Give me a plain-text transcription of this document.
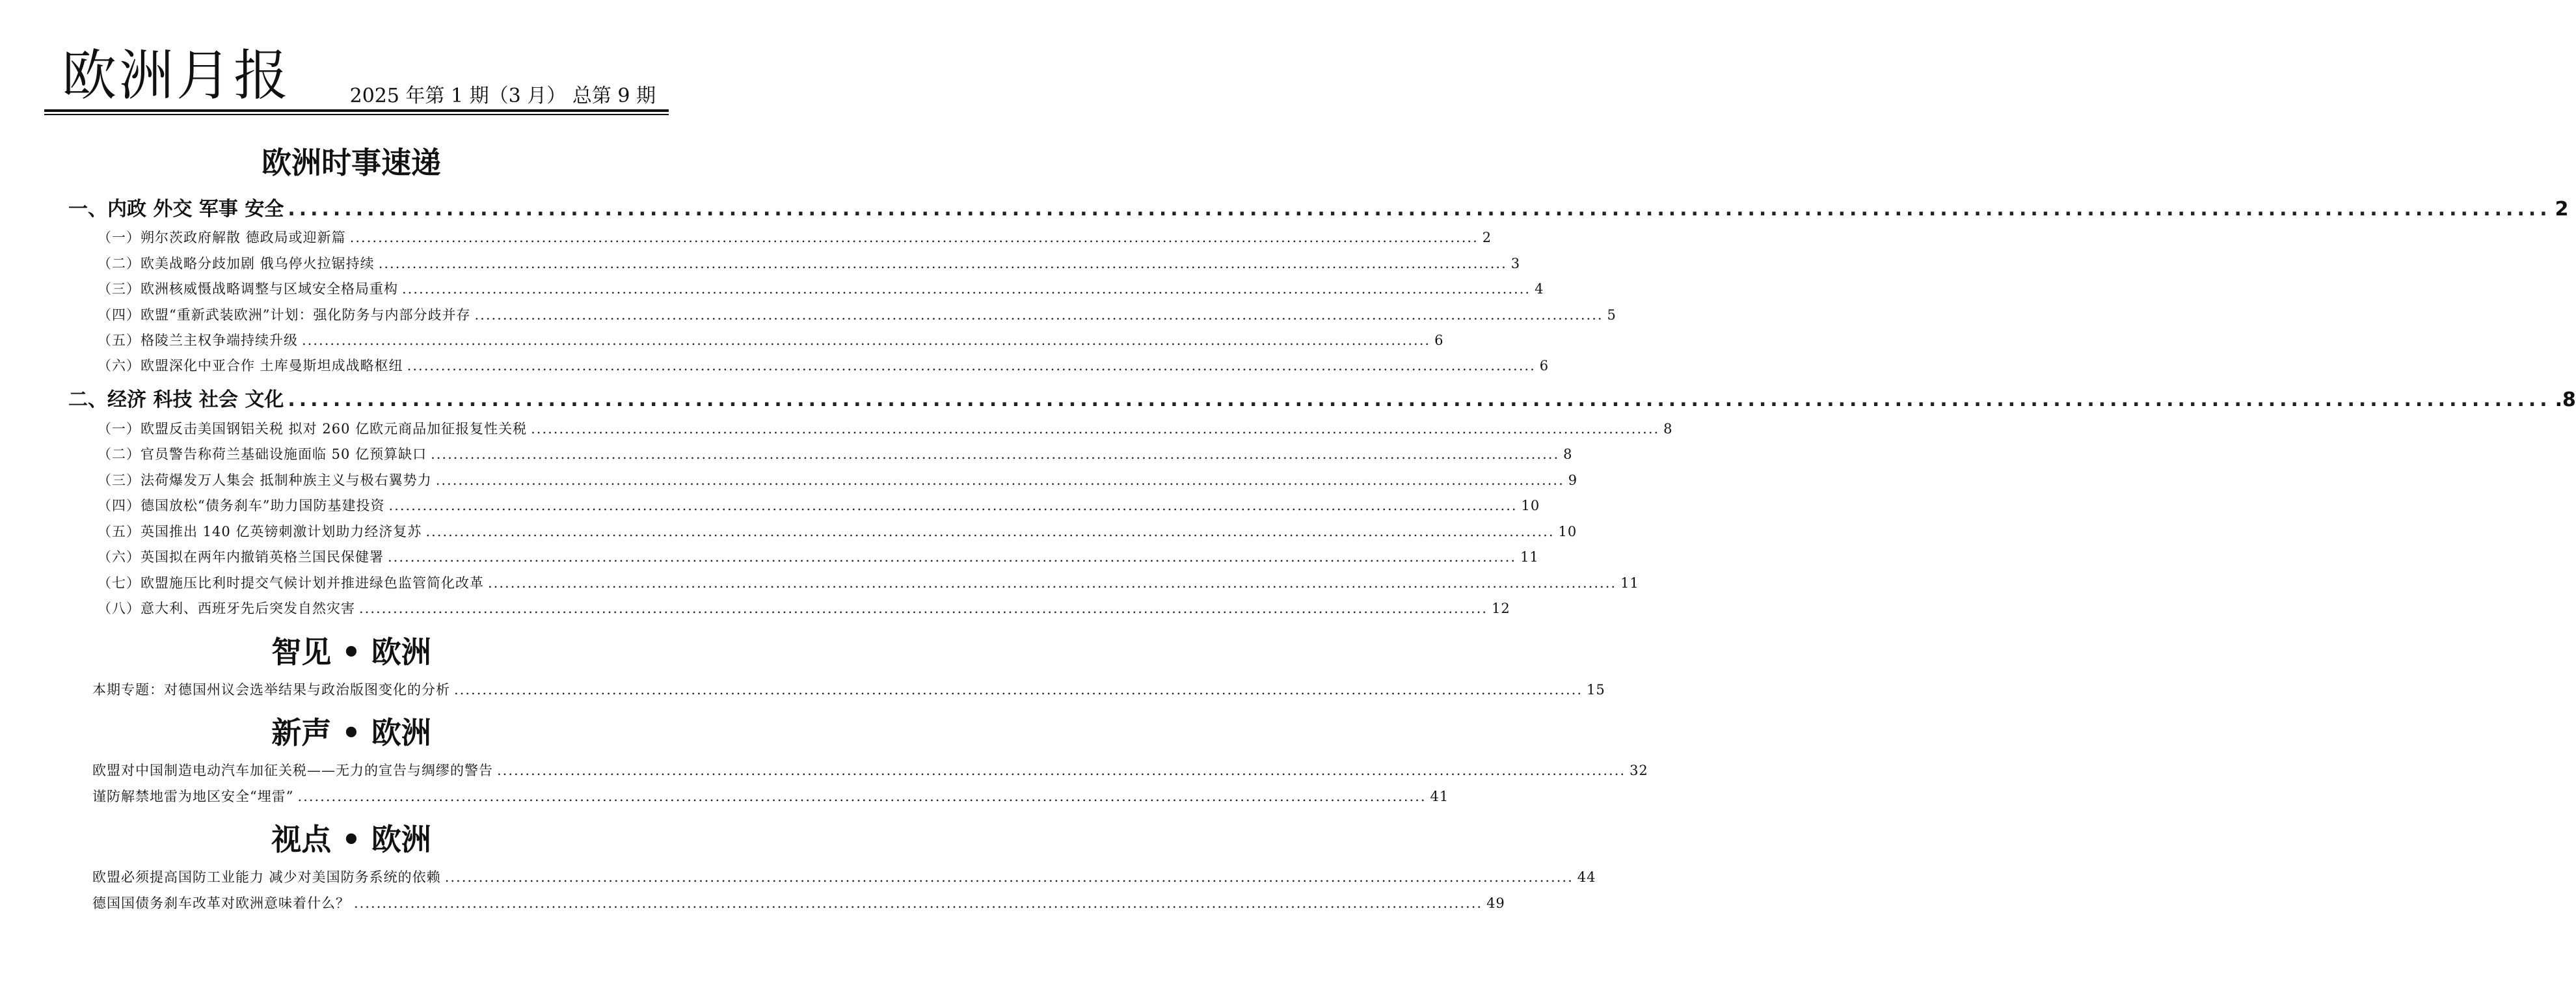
欧洲月报	2025 年第 1 期（3 月） 总第 9 期
欧洲时事速递
一、内政 外交 军事 安全 ........................................................................................................................................................................................................ 2
（一）朔尔茨政府解散 德政局或迎新篇 ........................................................................................................................................................................................................ 2
（二）欧美战略分歧加剧 俄乌停火拉锯持续 ........................................................................................................................................................................................................ 3
（三）欧洲核威慑战略调整与区域安全格局重构 ........................................................................................................................................................................................................ 4
（四）欧盟“重新武装欧洲”计划：强化防务与内部分歧并存 ........................................................................................................................................................................................................ 5
（五）格陵兰主权争端持续升级 ........................................................................................................................................................................................................ 6
（六）欧盟深化中亚合作 土库曼斯坦成战略枢纽 ........................................................................................................................................................................................................ 6
二、经济 科技 社会 文化 ........................................................................................................................................................................................................ .8
（一）欧盟反击美国钢铝关税 拟对 260 亿欧元商品加征报复性关税 ........................................................................................................................................................................................................ 8
（二）官员警告称荷兰基础设施面临 50 亿预算缺口 ........................................................................................................................................................................................................ 8
（三）法荷爆发万人集会 抵制种族主义与极右翼势力 ........................................................................................................................................................................................................ 9
（四）德国放松“债务刹车”助力国防基建投资 ........................................................................................................................................................................................................ 10
（五）英国推出 140 亿英镑刺激计划助力经济复苏 ........................................................................................................................................................................................................ 10
（六）英国拟在两年内撤销英格兰国民保健署 ........................................................................................................................................................................................................ 11
（七）欧盟施压比利时提交气候计划并推进绿色监管简化改革 ........................................................................................................................................................................................................ 11
（八）意大利、西班牙先后突发自然灾害 ........................................................................................................................................................................................................ 12
智见 • 欧洲
本期专题：对德国州议会选举结果与政治版图变化的分析 ........................................................................................................................................................................................................ 15
新声 • 欧洲
欧盟对中国制造电动汽车加征关税——无力的宣告与绸缪的警告 ........................................................................................................................................................................................................ 32
谨防解禁地雷为地区安全“埋雷” ........................................................................................................................................................................................................ 41
视点 • 欧洲
欧盟必须提高国防工业能力 减少对美国防务系统的依赖 ........................................................................................................................................................................................................ 44
德国国债务刹车改革对欧洲意味着什么？ ........................................................................................................................................................................................................ 49
